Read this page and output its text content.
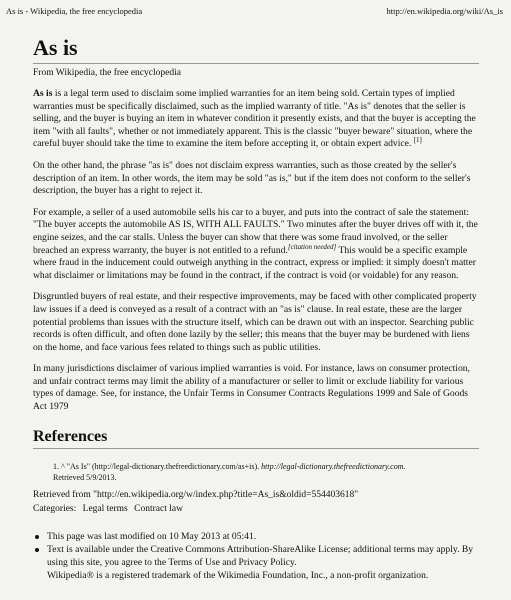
As is - Wikipedia, the free encyclopedia	http://en.wikipedia.org/wiki/As_is
As is
From Wikipedia, the free encyclopedia

As is is a legal term used to disclaim some implied warranties for an item being sold. Certain types of implied warranties must be specifically disclaimed, such as the implied warranty of title. "As is" denotes that the seller is selling, and the buyer is buying an item in whatever condition it presently exists, and that the buyer is accepting the item "with all faults", whether or not immediately apparent. This is the classic "buyer beware" situation, where the careful buyer should take the time to examine the item before accepting it, or obtain expert advice. [1]

On the other hand, the phrase "as is" does not disclaim express warranties, such as those created by the seller's description of an item. In other words, the item may be sold "as is," but if the item does not conform to the seller's description, the buyer has a right to reject it.

For example, a seller of a used automobile sells his car to a buyer, and puts into the contract of sale the statement: "The buyer accepts the automobile AS IS, WITH ALL FAULTS." Two minutes after the buyer drives off with it, the engine seizes, and the car stalls. Unless the buyer can show that there was some fraud involved, or the seller breached an express warranty, the buyer is not entitled to a refund.[citation needed] This would be a specific example where fraud in the inducement could outweigh anything in the contract, express or implied: it simply doesn't matter what disclaimer or limitations may be found in the contract, if the contract is void (or voidable) for any reason.

Disgruntled buyers of real estate, and their respective improvements, may be faced with other complicated property law issues if a deed is conveyed as a result of a contract with an "as is" clause. In real estate, these are the larger potential problems than issues with the structure itself, which can be drawn out with an inspector. Searching public records is often difficult, and often done lazily by the seller; this means that the buyer may be burdened with liens on the home, and face various fees related to things such as public utilities.

In many jurisdictions disclaimer of various implied warranties is void. For instance, laws on consumer protection, and unfair contract terms may limit the ability of a manufacturer or seller to limit or exclude liability for various types of damage. See, for instance, the Unfair Terms in Consumer Contracts Regulations 1999 and Sale of Goods Act 1979

References
1. ^ "As Is" (http://legal-dictionary.thefreedictionary.com/as+is). http://legal-dictionary.thefreedictionary.com.
Retrieved 5/9/2013.
Retrieved from "http://en.wikipedia.org/w/index.php?title=As_is&oldid=554403618"
Categories: Legal terms Contract law
This page was last modified on 10 May 2013 at 05:41.
Text is available under the Creative Commons Attribution-ShareAlike License; additional terms may apply. By using this site, you agree to the Terms of Use and Privacy Policy.
Wikipedia® is a registered trademark of the Wikimedia Foundation, Inc., a non-profit organization.
